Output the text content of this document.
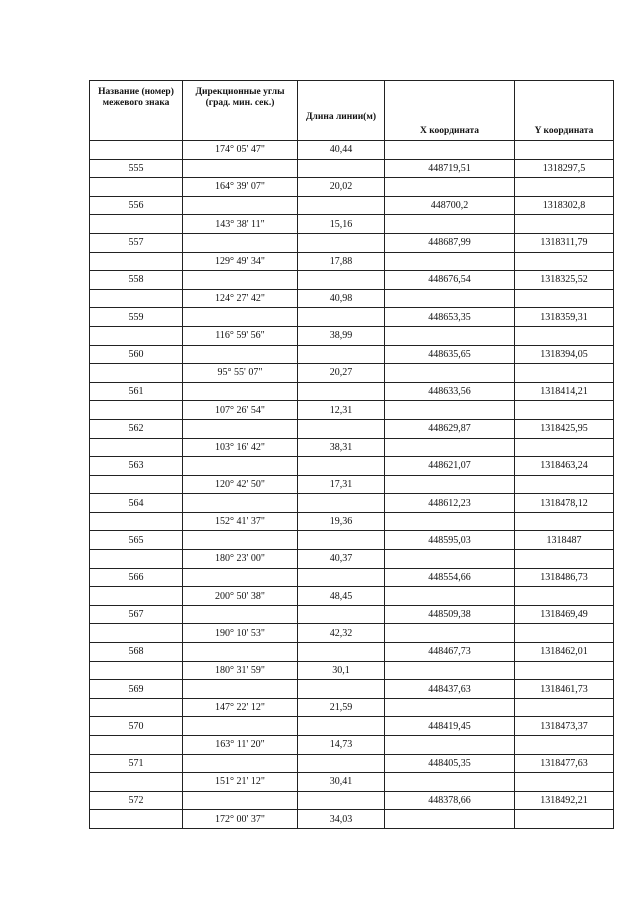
Название (номер) межевого знака	Дирекционные углы (град. мин. сек.)	Длина линии(м)	X координата	Y координата
	174° 05' 47"	40,44		
555			448719,51	1318297,5
	164° 39' 07"	20,02		
556			448700,2	1318302,8
	143° 38' 11"	15,16		
557			448687,99	1318311,79
	129° 49' 34"	17,88		
558			448676,54	1318325,52
	124° 27' 42"	40,98		
559			448653,35	1318359,31
	116° 59' 56"	38,99		
560			448635,65	1318394,05
	95° 55' 07"	20,27		
561			448633,56	1318414,21
	107° 26' 54"	12,31		
562			448629,87	1318425,95
	103° 16' 42"	38,31		
563			448621,07	1318463,24
	120° 42' 50"	17,31		
564			448612,23	1318478,12
	152° 41' 37"	19,36		
565			448595,03	1318487
	180° 23' 00"	40,37		
566			448554,66	1318486,73
	200° 50' 38"	48,45		
567			448509,38	1318469,49
	190° 10' 53"	42,32		
568			448467,73	1318462,01
	180° 31' 59"	30,1		
569			448437,63	1318461,73
	147° 22' 12"	21,59		
570			448419,45	1318473,37
	163° 11' 20"	14,73		
571			448405,35	1318477,63
	151° 21' 12"	30,41		
572			448378,66	1318492,21
	172° 00' 37"	34,03		
